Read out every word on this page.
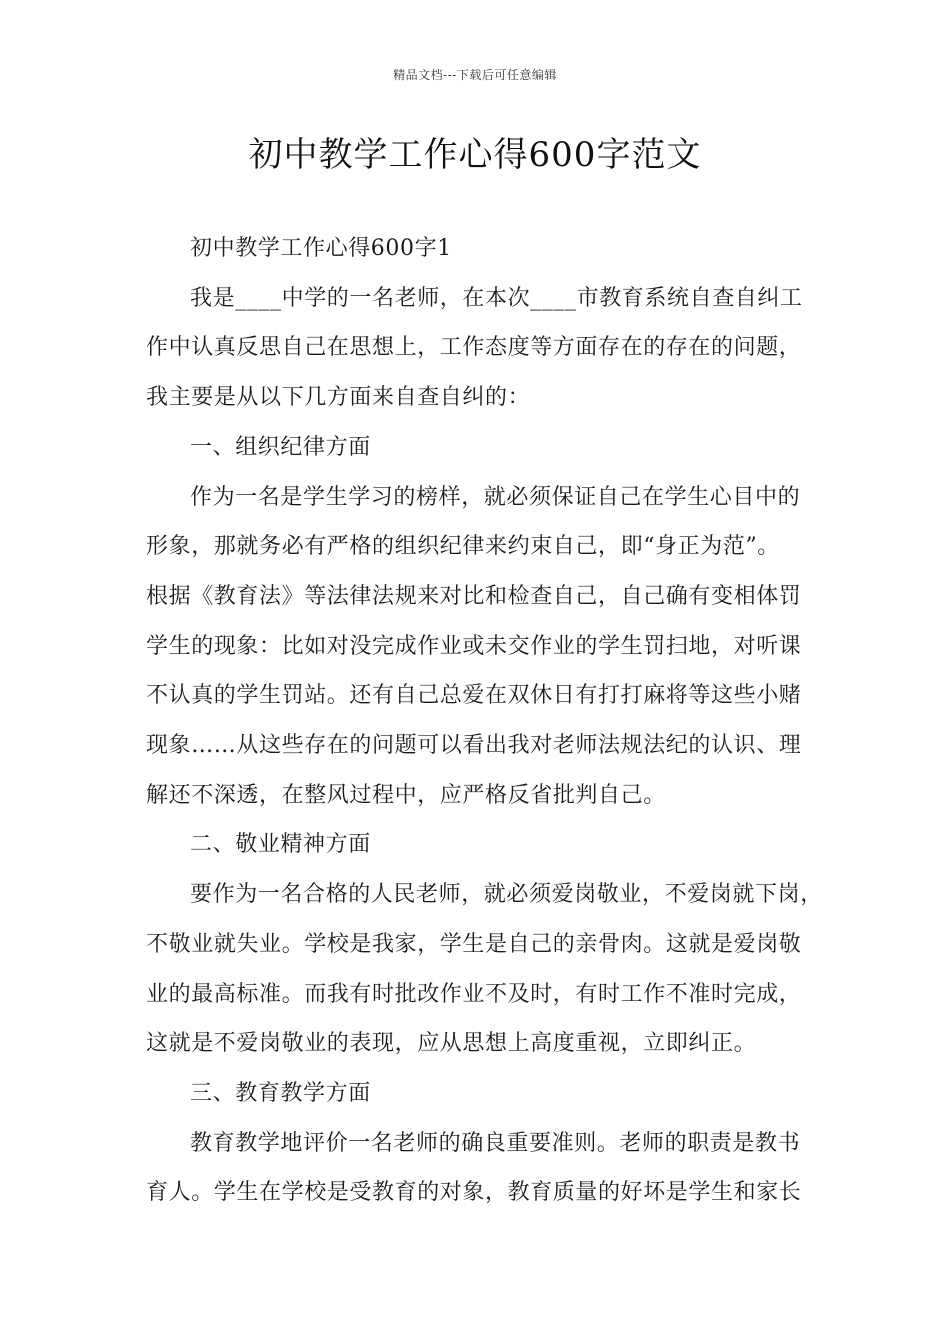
精品文档---下载后可任意编辑
初中教学工作心得600字范文
初中教学工作心得600字1
我是____中学的一名老师，在本次____市教育系统自查自纠工
作中认真反思自己在思想上，工作态度等方面存在的存在的问题，
我主要是从以下几方面来自查自纠的：
一、组织纪律方面
作为一名是学生学习的榜样，就必须保证自己在学生心目中的
形象，那就务必有严格的组织纪律来约束自己，即“身正为范”。
根据《教育法》等法律法规来对比和检查自己，自己确有变相体罚
学生的现象：比如对没完成作业或未交作业的学生罚扫地，对听课
不认真的学生罚站。还有自己总爱在双休日有打打麻将等这些小赌
现象……从这些存在的问题可以看出我对老师法规法纪的认识、理
解还不深透，在整风过程中，应严格反省批判自己。
二、敬业精神方面
要作为一名合格的人民老师，就必须爱岗敬业，不爱岗就下岗，
不敬业就失业。学校是我家，学生是自己的亲骨肉。这就是爱岗敬
业的最高标准。而我有时批改作业不及时，有时工作不准时完成，
这就是不爱岗敬业的表现，应从思想上高度重视，立即纠正。
三、教育教学方面
教育教学地评价一名老师的确良重要准则。老师的职责是教书
育人。学生在学校是受教育的对象，教育质量的好坏是学生和家长
